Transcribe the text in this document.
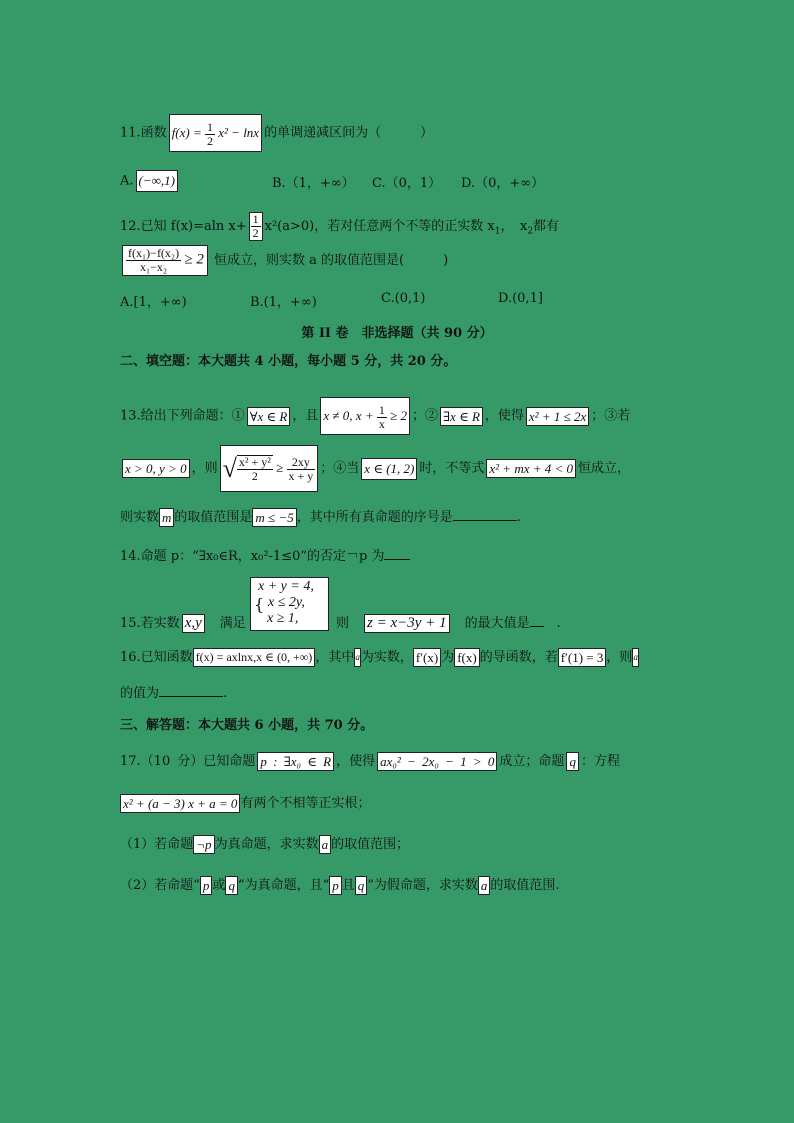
11.函数 $f(x) = \frac{1}{2} x^2 - \ln x$ 的单调递减区间为（　　　）
A. (−∞,1)	B.（1，+∞） C.（0，1） D.（0，+∞）
12.已知 f(x)=aln $x+ \frac{1}{2} x^2(a>0)$，若对任意两个不等的正实数 $x_1$，　 $x_2$都有
$\frac{\text{f(x₁)−f(x₂)}}{\text{x₁−x₂}} \ge 2$ 恒成立，则实数 a 的取值范围是(　　　)
A.[1，+∞)	B.(1，+∞)	C.(0,1)	D.(0,1]
第 II 卷　非选择题（共 90 分）
二、填空题：本大题共 4 小题，每小题 5 分，共 20 分。
13.给出下列命题：① ∀x ∈ R ，且 x ≠ 0, $x + \frac{1}{x} \ge 2$ ；② ∃x ∈ R ，使得 x² + 1 ≤ 2x ；③若
x > 0, y > 0 ，则 √ $\frac{\text{x² + y²}}{2} \ge \frac{2xy}{x + y}$ ；④当 x ∈ (1, 2) 时，不等式 x² + mx + 4 < 0 恒成立，
则实数 m 的取值范围是 m ≤ −5 ，其中所有真命题的序号是	.
14.命题 p：“∃x₀∈R，x₀²-1≤0”的否定￢p 为
15.若实数 x,y　 满足
{
x + y = 4,
x ≤ 2y,
x ≥ 1,	则　 z = x−3y + 1　 的最大值是　 .
16.已知函数 f(x) = axlnx,x ∈ (0, +∞) ，其中a为实数， f′(x) 为 f(x) 的导函数，若 f′(1) = 3 ，则a
的值为	.
三、解答题：本大题共 6 小题，共 70 分。
17.（10 分）已知命题 p : ∃x₀ ∈ R ，使得 ax₀² − 2x₀ − 1 > 0 成立；命题 q ：方程
x² + (a − 3) x + a = 0 有两个不相等正实根；
（1）若命题 ¬p 为真命题，求实数 a 的取值范围；
（2）若命题“ p 或 q ”为真命题，且“ p 且 q ”为假命题，求实数 a 的取值范围.
